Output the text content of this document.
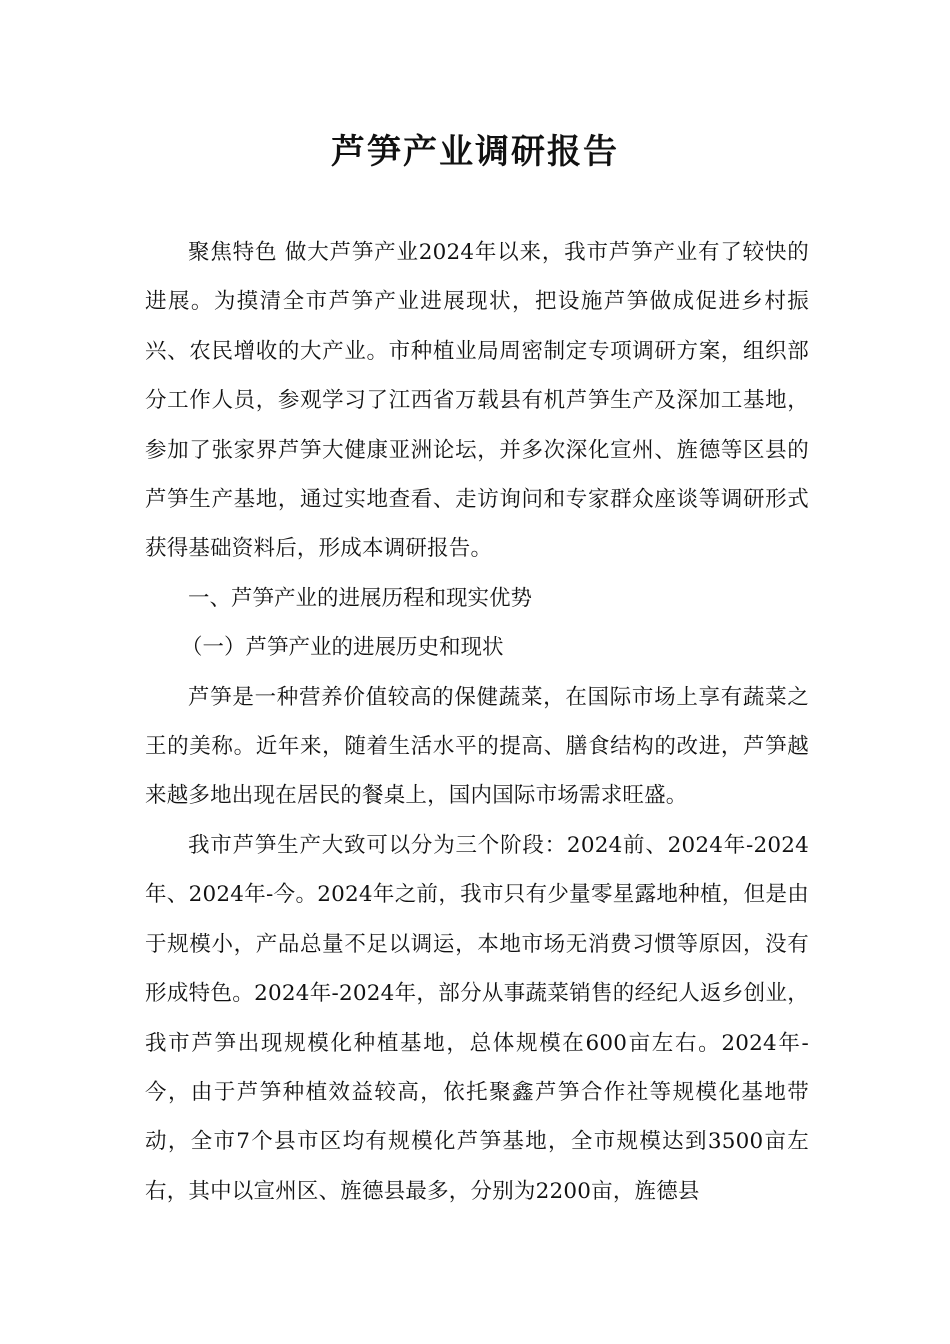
芦笋产业调研报告

聚焦特色 做大芦笋产业2024年以来，我市芦笋产业有了较快的进展。为摸清全市芦笋产业进展现状，把设施芦笋做成促进乡村振兴、农民增收的大产业。市种植业局周密制定专项调研方案，组织部分工作人员，参观学习了江西省万载县有机芦笋生产及深加工基地，参加了张家界芦笋大健康亚洲论坛，并多次深化宣州、旌德等区县的芦笋生产基地，通过实地查看、走访询问和专家群众座谈等调研形式获得基础资料后，形成本调研报告。

一、芦笋产业的进展历程和现实优势

（一）芦笋产业的进展历史和现状

芦笋是一种营养价值较高的保健蔬菜，在国际市场上享有蔬菜之王的美称。近年来，随着生活水平的提高、膳食结构的改进，芦笋越来越多地出现在居民的餐桌上，国内国际市场需求旺盛。

我市芦笋生产大致可以分为三个阶段：2024前、2024年-2024年、2024年-今。2024年之前，我市只有少量零星露地种植，但是由于规模小，产品总量不足以调运，本地市场无消费习惯等原因，没有形成特色。2024年-2024年，部分从事蔬菜销售的经纪人返乡创业，我市芦笋出现规模化种植基地，总体规模在600亩左右。2024年-今，由于芦笋种植效益较高，依托聚鑫芦笋合作社等规模化基地带动，全市7个县市区均有规模化芦笋基地，全市规模达到3500亩左右，其中以宣州区、旌德县最多，分别为2200亩，旌德县
